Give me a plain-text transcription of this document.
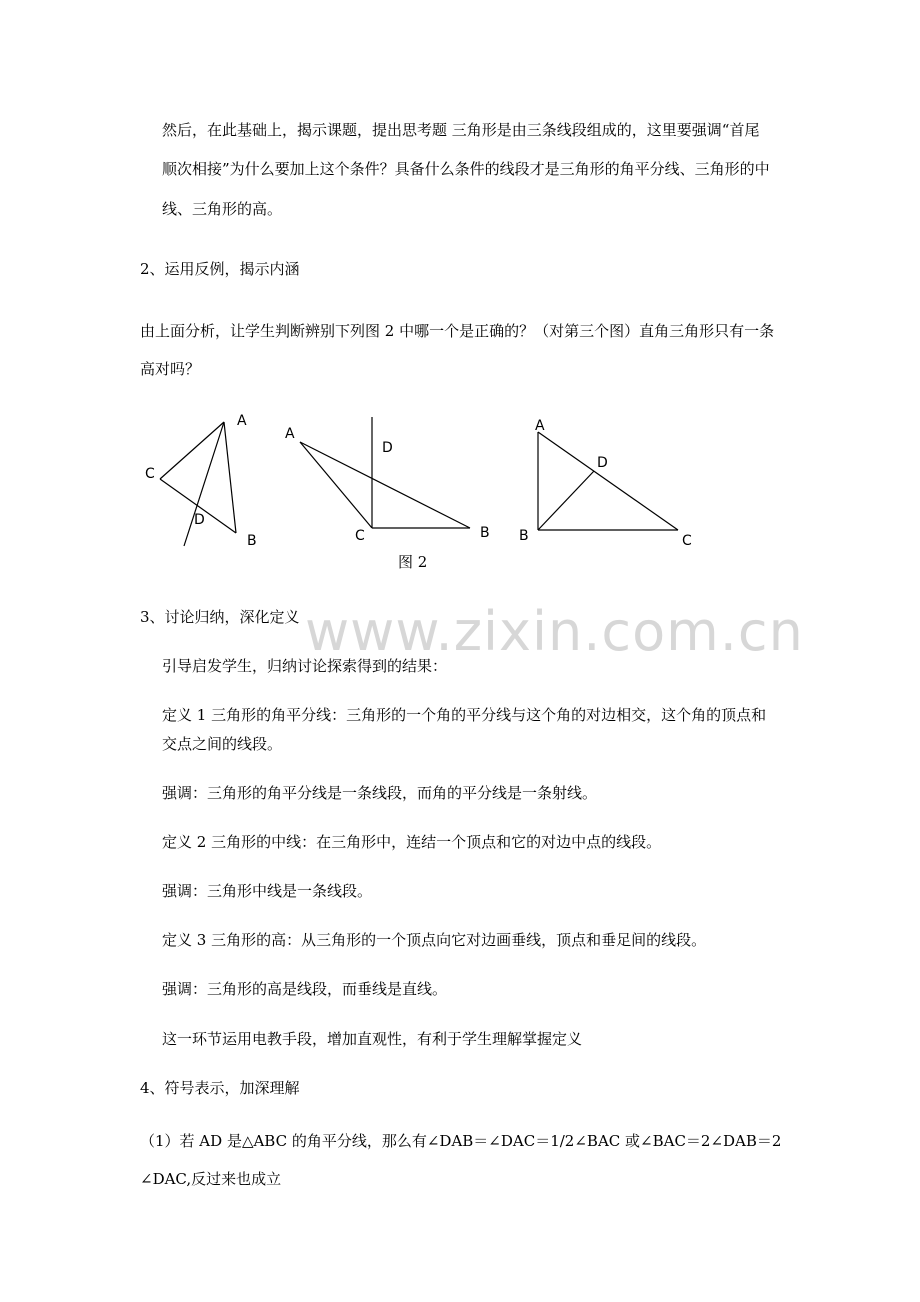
www.zixin.com.cn
然后，在此基础上，揭示课题，提出思考题 三角形是由三条线段组成的，这里要强调“首尾
顺次相接”为什么要加上这个条件？具备什么条件的线段才是三角形的角平分线、三角形的中
线、三角形的高。
2、运用反例，揭示内涵
由上面分析，让学生判断辨别下列图 2 中哪一个是正确的？（对第三个图）直角三角形只有一条
高对吗？
A
C
D
B
A
D
C	B
A
D
B	C
图 2
3、讨论归纳，深化定义
引导启发学生，归纳讨论探索得到的结果：
定义 1 三角形的角平分线：三角形的一个角的平分线与这个角的对边相交，这个角的顶点和
交点之间的线段。
强调：三角形的角平分线是一条线段，而角的平分线是一条射线。
定义 2 三角形的中线：在三角形中，连结一个顶点和它的对边中点的线段。
强调：三角形中线是一条线段。
定义 3 三角形的高：从三角形的一个顶点向它对边画垂线，顶点和垂足间的线段。
强调：三角形的高是线段，而垂线是直线。
这一环节运用电教手段，增加直观性，有利于学生理解掌握定义
4、符号表示，加深理解
（1）若 AD 是△ABC 的角平分线，那么有∠DAB＝∠DAC＝1/2∠BAC 或∠BAC＝2∠DAB＝2
∠DAC,反过来也成立
